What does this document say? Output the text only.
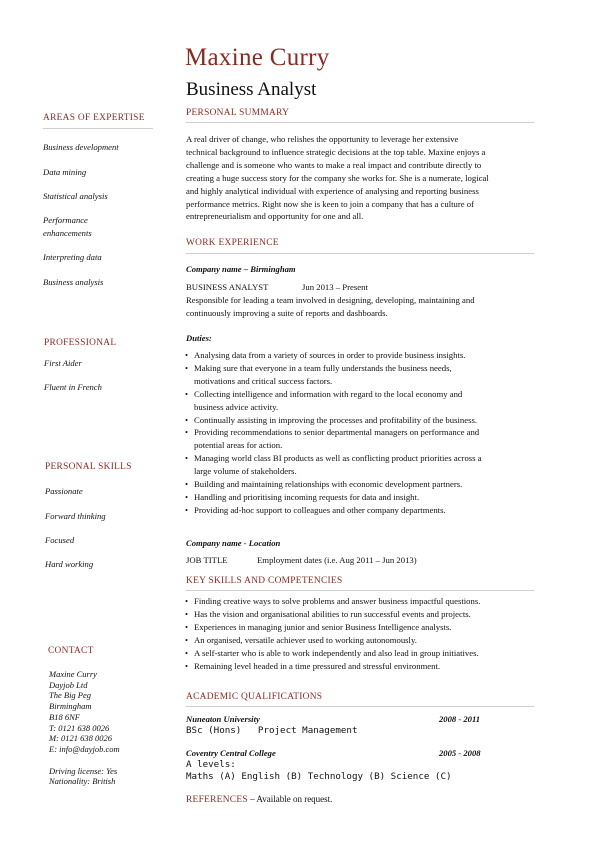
Maxine Curry
Business Analyst
AREAS OF EXPERTISE
Business development
Data mining
Statistical analysis
Performance enhancements
Interpreting data
Business analysis
PROFESSIONAL
First Aider
Fluent in French
PERSONAL SKILLS
Passionate
Forward thinking
Focused
Hard working
CONTACT
Maxine Curry
Dayjob Ltd
The Big Peg
Birmingham
B18 6NF
T: 0121 638 0026
M: 0121 638 0026
E: info@dayjob.com
Driving license: Yes
Nationality: British
PERSONAL SUMMARY
A real driver of change, who relishes the opportunity to leverage her extensive
technical background to influence strategic decisions at the top table. Maxine enjoys a
challenge and is someone who wants to make a real impact and contribute directly to
creating a huge success story for the company she works for. She is a numerate, logical
and highly analytical individual with experience of analysing and reporting business
performance metrics. Right now she is keen to join a company that has a culture of
entrepreneurialism and opportunity for one and all.
WORK EXPERIENCE
Company name – Birmingham
BUSINESS ANALYST	Jun 2013 – Present
Responsible for leading a team involved in designing, developing, maintaining and
continuously improving a suite of reports and dashboards.
Duties:
• Analysing data from a variety of sources in order to provide business insights.
• Making sure that everyone in a team fully understands the business needs,
motivations and critical success factors.
• Collecting intelligence and information with regard to the local economy and
business advice activity.
• Continually assisting in improving the processes and profitability of the business.
• Providing recommendations to senior departmental managers on performance and
potential areas for action.
• Managing world class BI products as well as conflicting product priorities across a
large volume of stakeholders.
• Building and maintaining relationships with economic development partners.
• Handling and prioritising incoming requests for data and insight.
• Providing ad-hoc support to colleagues and other company departments.
Company name - Location
JOB TITLE	Employment dates (i.e. Aug 2011 – Jun 2013)
KEY SKILLS AND COMPETENCIES
• Finding creative ways to solve problems and answer business impactful questions.
• Has the vision and organisational abilities to run successful events and projects.
• Experiences in managing junior and senior Business Intelligence analysts.
• An organised, versatile achiever used to working autonomously.
• A self-starter who is able to work independently and also lead in group initiatives.
• Remaining level headed in a time pressured and stressful environment.
ACADEMIC QUALIFICATIONS
Nuneaton University	2008 - 2011
BSc (Hons)   Project Management
Coventry Central College	2005 - 2008
A levels:
Maths (A) English (B) Technology (B) Science (C)
REFERENCES – Available on request.
